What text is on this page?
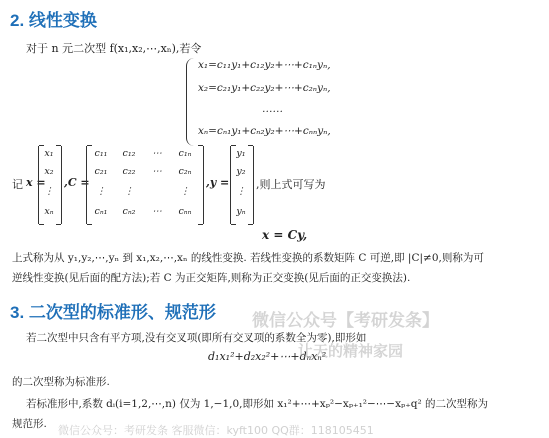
2. 线性变换
对于 n 元二次型 f(x₁,x₂,⋯,xₙ),若令
x₁=c₁₁y₁+c₁₂y₂+⋯+c₁ₙyₙ,
x₂=c₂₁y₁+c₂₂y₂+⋯+c₂ₙyₙ,
……
xₙ=cₙ₁y₁+cₙ₂y₂+⋯+cₙₙyₙ,
记 x =
x₁
x₂
⋮
xₙ
,C =
c₁₁	c₁₂	⋯	c₁ₙ
c₂₁	c₂₂	⋯	c₂ₙ
⋮	⋮	⋮
cₙ₁	cₙ₂	⋯	cₙₙ
,y =
y₁
y₂
⋮
yₙ
,则上式可写为
x = Cy,
上式称为从 y₁,y₂,⋯,yₙ 到 x₁,x₂,⋯,xₙ 的线性变换. 若线性变换的系数矩阵 C 可逆,即 |C|≠0,则称为可
逆线性变换(见后面的配方法);若 C 为正交矩阵,则称为正交变换(见后面的正交变换法).
3. 二次型的标准形、规范形
若二次型中只含有平方项,没有交叉项(即所有交叉项的系数全为零),即形如
d₁x₁²+d₂x₂²+⋯+dₙxₙ²
的二次型称为标准形.
若标准形中,系数 dᵢ(i=1,2,⋯,n) 仅为 1,−1,0,即形如 x₁²+⋯+xₚ²−xₚ₊₁²−⋯−xₚ₊q² 的二次型称为
规范形.
微信公众号【考研发条】
让天的精神家园
微信公众号：考研发条 客服微信：kyft100 QQ群：118105451
